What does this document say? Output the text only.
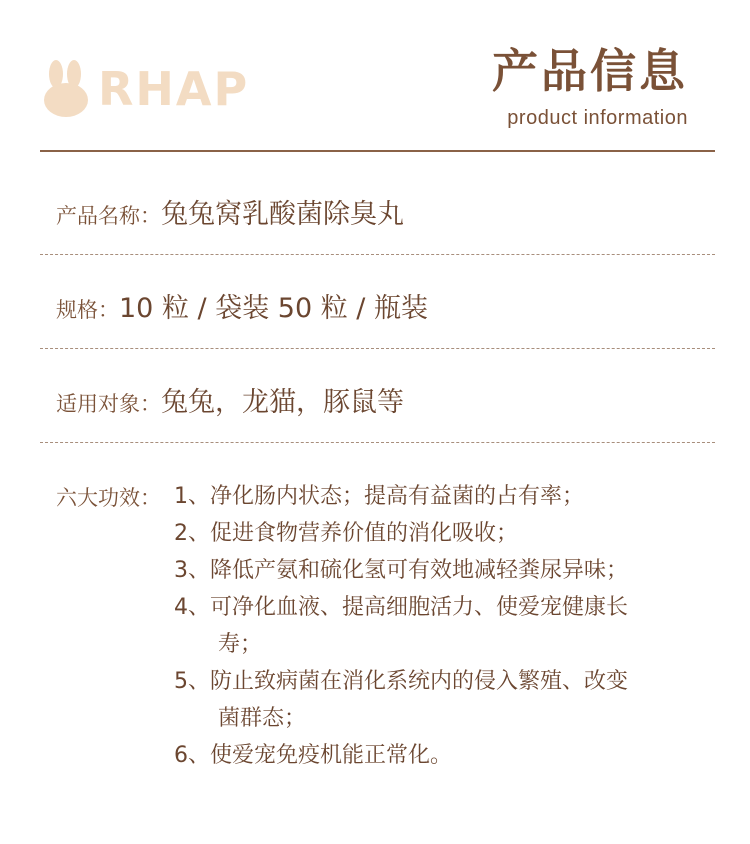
RHAP	产品信息
product information
产品名称： 兔兔窝乳酸菌除臭丸
规格： 10 粒 / 袋装 50 粒 / 瓶装
适用对象： 兔兔，龙猫，豚鼠等
六大功效： 1、净化肠内状态；提高有益菌的占有率；
2、促进食物营养价值的消化吸收；
3、降低产氨和硫化氢可有效地减轻粪尿异味；
4、可净化血液、提高细胞活力、使爱宠健康长
寿；
5、防止致病菌在消化系统内的侵入繁殖、改变
菌群态；
6、使爱宠免疫机能正常化。
